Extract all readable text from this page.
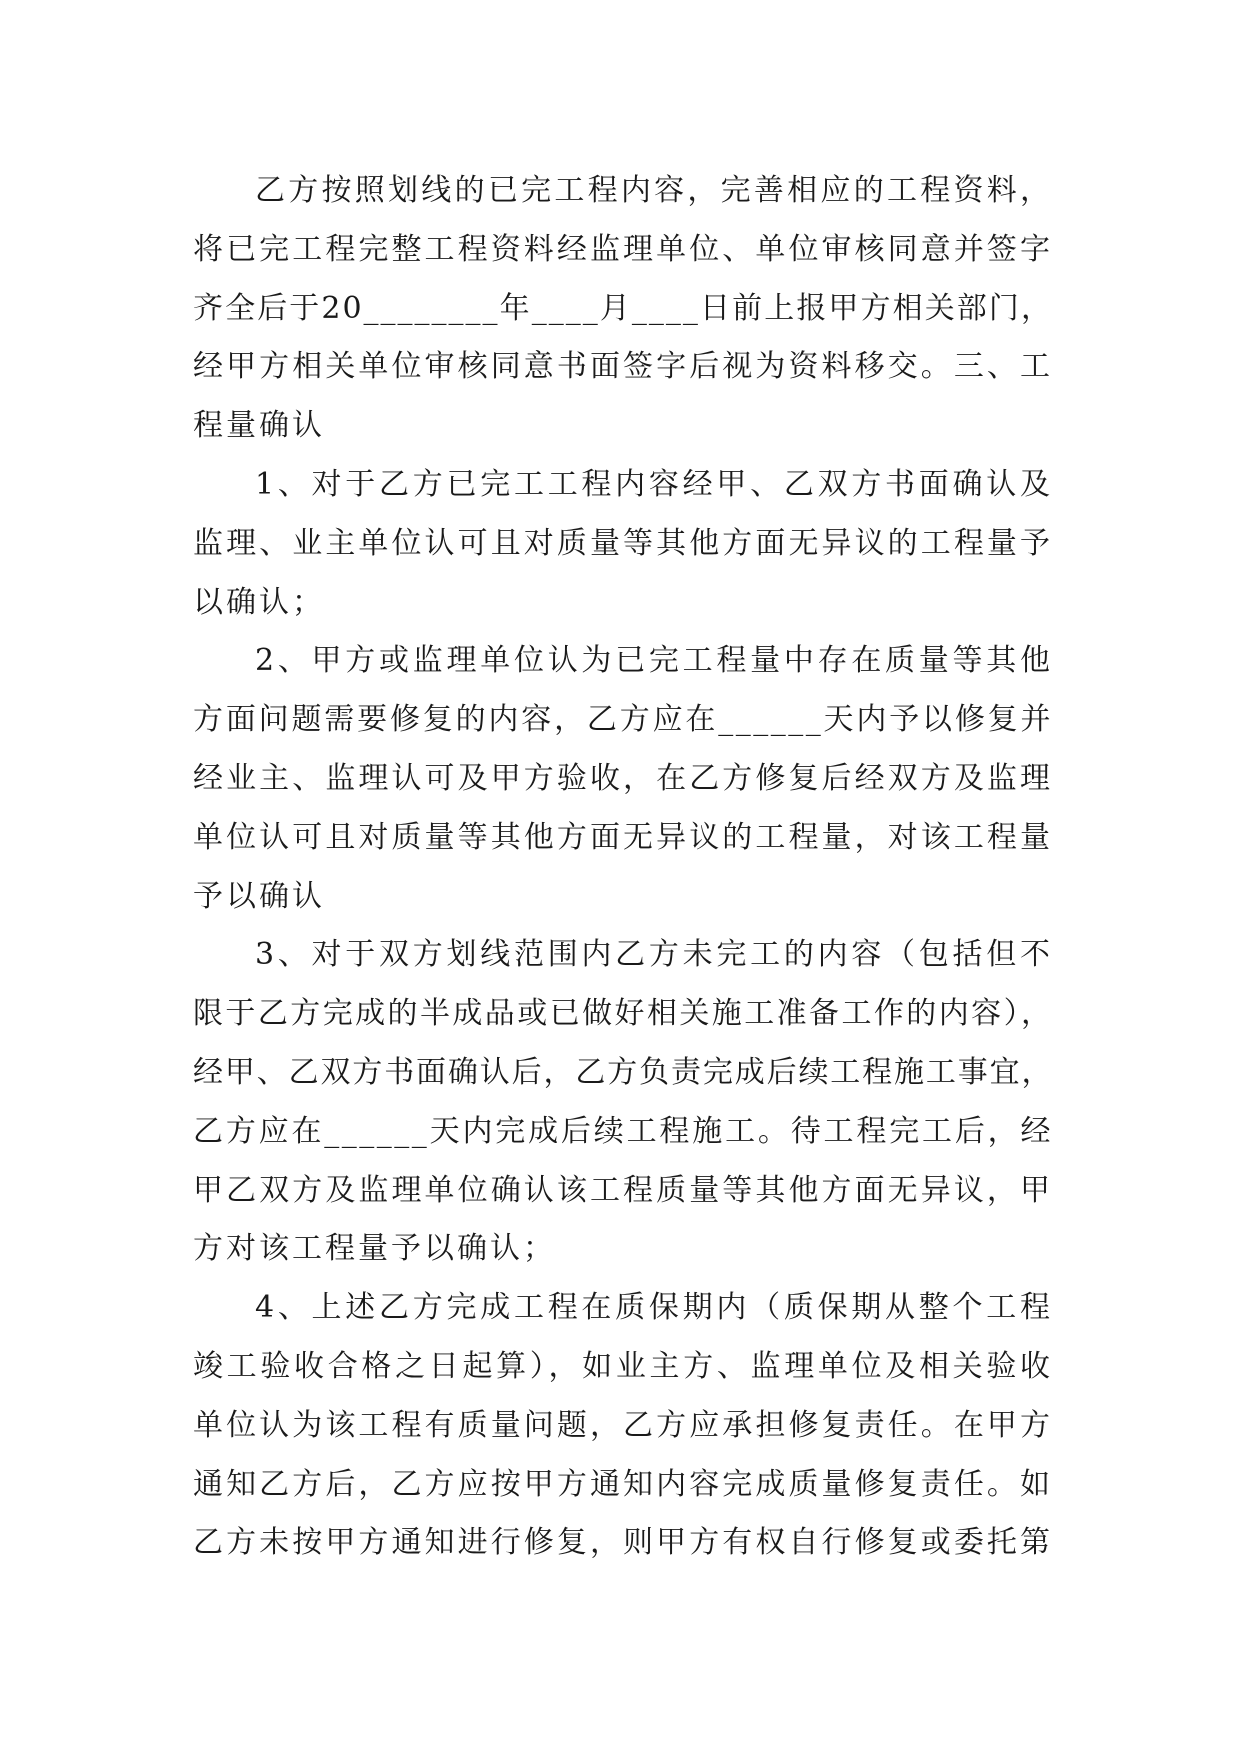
乙方按照划线的已完工程内容，完善相应的工程资料，
将已完工程完整工程资料经监理单位、单位审核同意并签字
齐全后于20________年____月____日前上报甲方相关部门，
经甲方相关单位审核同意书面签字后视为资料移交。三、工
程量确认
1、对于乙方已完工工程内容经甲、乙双方书面确认及
监理、业主单位认可且对质量等其他方面无异议的工程量予
以确认；
2、甲方或监理单位认为已完工程量中存在质量等其他
方面问题需要修复的内容，乙方应在______天内予以修复并
经业主、监理认可及甲方验收，在乙方修复后经双方及监理
单位认可且对质量等其他方面无异议的工程量，对该工程量
予以确认
3、对于双方划线范围内乙方未完工的内容（包括但不
限于乙方完成的半成品或已做好相关施工准备工作的内容），
经甲、乙双方书面确认后，乙方负责完成后续工程施工事宜，
乙方应在______天内完成后续工程施工。待工程完工后，经
甲乙双方及监理单位确认该工程质量等其他方面无异议，甲
方对该工程量予以确认；
4、上述乙方完成工程在质保期内（质保期从整个工程
竣工验收合格之日起算），如业主方、监理单位及相关验收
单位认为该工程有质量问题，乙方应承担修复责任。在甲方
通知乙方后，乙方应按甲方通知内容完成质量修复责任。如
乙方未按甲方通知进行修复，则甲方有权自行修复或委托第
